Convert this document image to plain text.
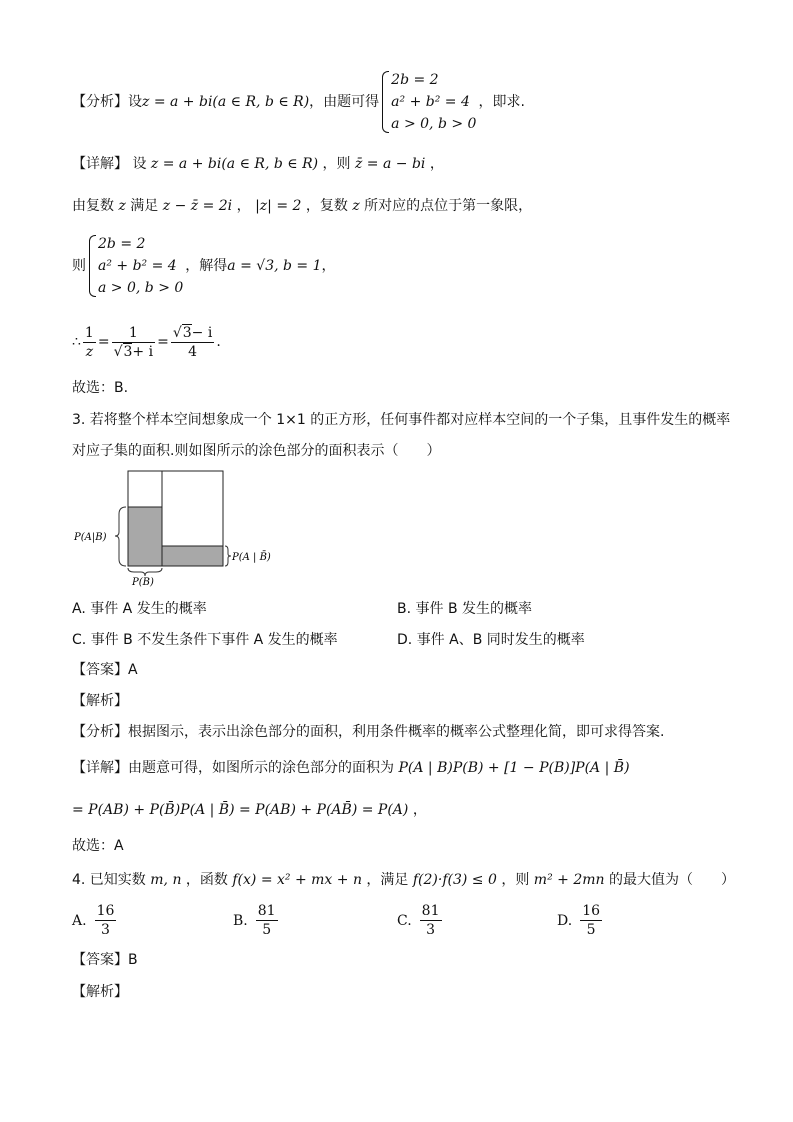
【分析】 设 z = a + bi(a ∈ R, b ∈ R) ，由题可得
2b = 2
a² + b² = 4
a > 0, b > 0
，即求.
【详解】 设 z = a + bi(a ∈ R, b ∈ R) ，则 z̄ = a − bi ，
由复数 z 满足 z − z̄ = 2i ， |z| = 2 ，复数 z 所对应的点位于第一象限，
则
2b = 2
a² + b² = 4
a > 0, b > 0
，解得 a = √3, b = 1 ，
∴ $\frac{1}{z} = \frac{1}{√3+ i} = \frac{√3- i}{4}$ .
故选：B.
3. 若将整个样本空间想象成一个 1×1 的正方形，任何事件都对应样本空间的一个子集，且事件发生的概率
对应子集的面积.则如图所示的涂色部分的面积表示（　　）
P(A|B)
P(A | B̄)
P(B)
A. 事件 A 发生的概率	B. 事件 B 发生的概率
C. 事件 B 不发生条件下事件 A 发生的概率	D. 事件 A、B 同时发生的概率
【答案】A
【解析】
【分析】根据图示，表示出涂色部分的面积，利用条件概率的概率公式整理化简，即可求得答案.
【详解】由题意可得，如图所示的涂色部分的面积为 P(A | B)P(B) + [1 − P(B)]P(A | B̄)
= P(AB) + P(B̄)P(A | B̄) = P(AB) + P(AB̄) = P(A) ，
故选：A
4. 已知实数 m, n ，函数 f(x) = x² + mx + n ，满足 f(2)·f(3) ≤ 0 ，则 m² + 2mn 的最大值为（　　）
A. $\frac{16}{3}$	B. $\frac{81}{5}$	C. $\frac{81}{3}$	D. $\frac{16}{5}$
【答案】B
【解析】
